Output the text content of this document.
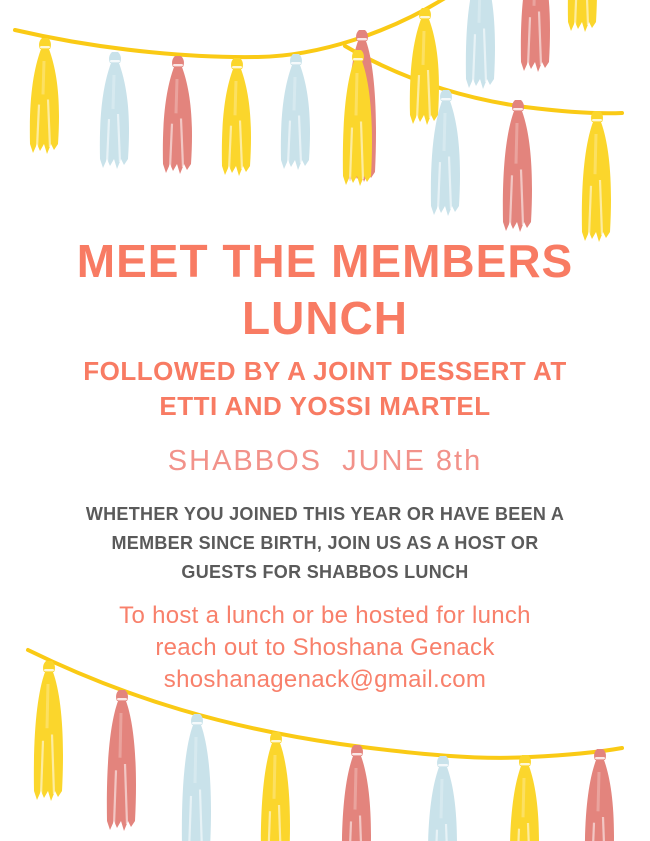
MEET THE MEMBERS
LUNCH
FOLLOWED BY A JOINT DESSERT AT
ETTI AND YOSSI MARTEL
SHABBOS  JUNE 8th
WHETHER YOU JOINED THIS YEAR OR HAVE BEEN A
MEMBER SINCE BIRTH, JOIN US AS A HOST OR
GUESTS FOR SHABBOS LUNCH
To host a lunch or be hosted for lunch
reach out to Shoshana Genack
shoshanagenack@gmail.com
